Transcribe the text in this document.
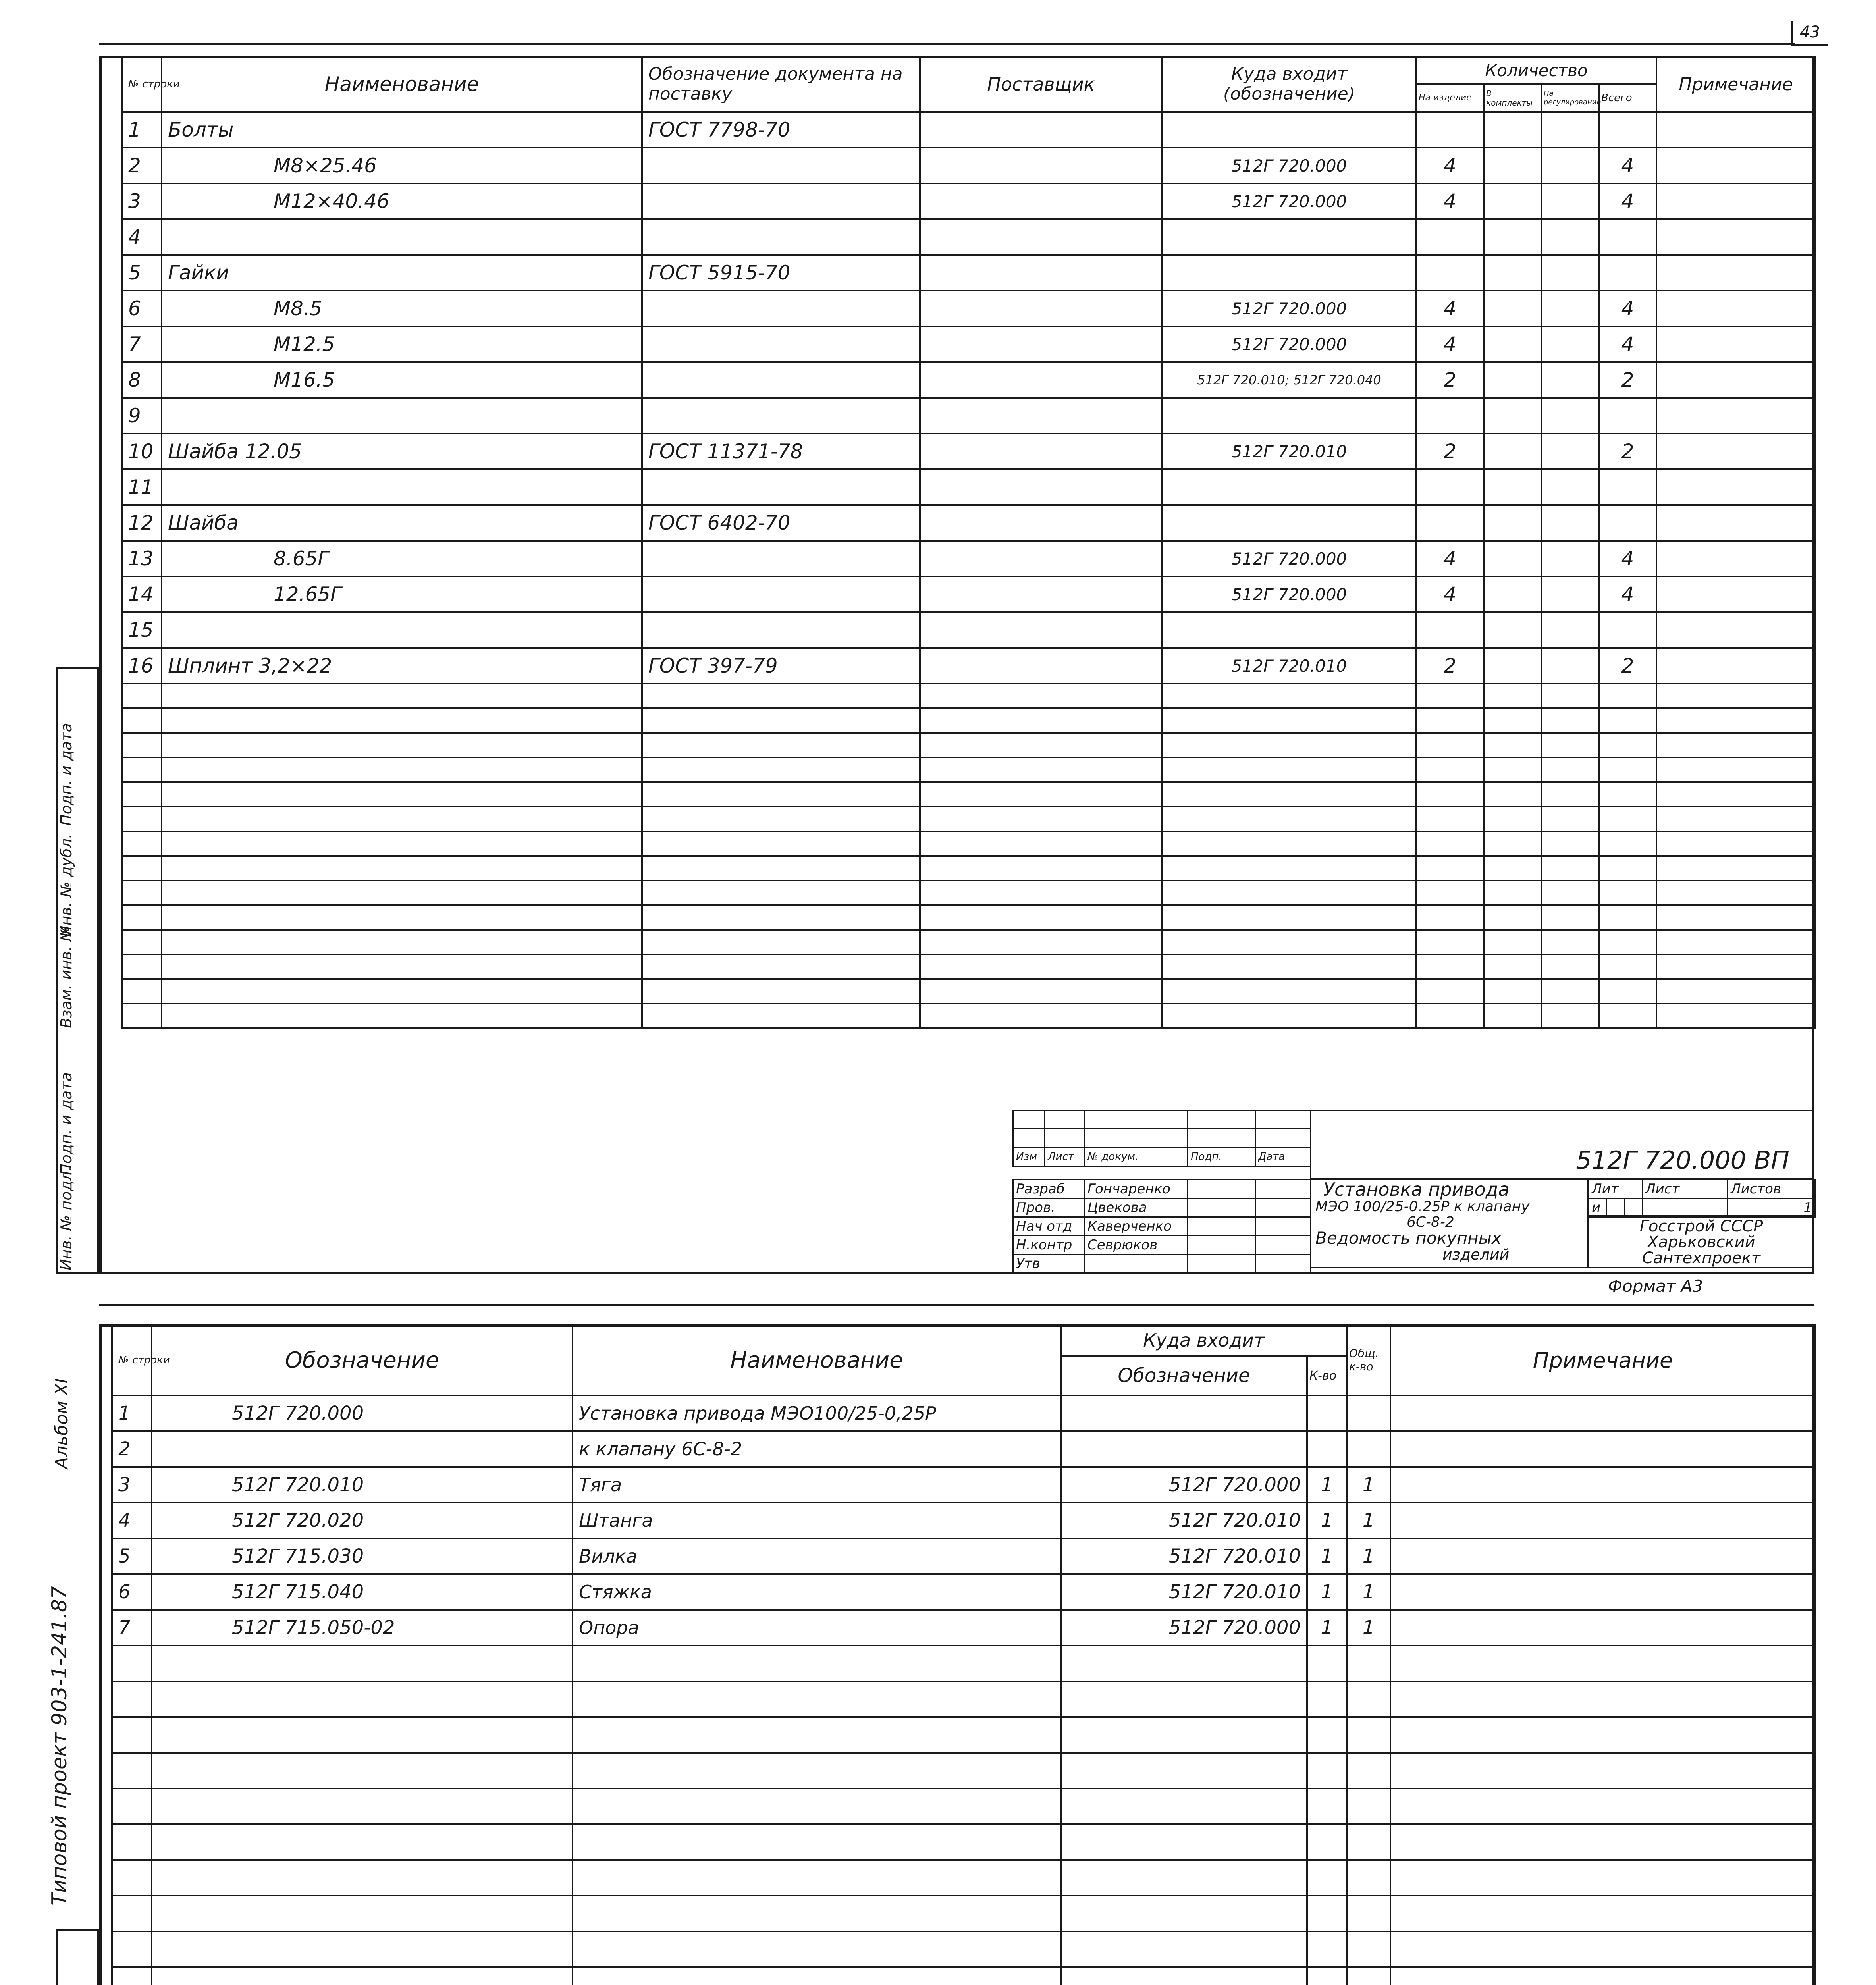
43
Инв. № подл.
Подп. и дата
Взам. инв. №
Инв. № дубл.
Подп. и дата
№ строки	Наименование	Обозначение документа на поставку	Поставщик	Куда входит (обозначение)	Количество				Примечание
					На изделие	В комплекты	На регулирование	Всего	
1	Болты	ГОСТ 7798-70							
2	M8×25.46			512Г 720.000	4			4	
3	M12×40.46			512Г 720.000	4			4	
4									
5	Гайки	ГОСТ 5915-70							
6	M8.5			512Г 720.000	4			4	
7	M12.5			512Г 720.000	4			4	
8	M16.5			512Г 720.010; 512Г 720.040	2			2	
9									
10	Шайба 12.05	ГОСТ 11371-78		512Г 720.010	2			2	
11									
12	Шайба	ГОСТ 6402-70							
13	8.65Г			512Г 720.000	4			4	
14	12.65Г			512Г 720.000	4			4	
15									
16	Шплинт 3,2×22	ГОСТ 397-79		512Г 720.010	2			2	

Изм	Лист	№ докум.	Подп.	Дата
Разраб	Гончаренко		
Пров.	Цвекова		
Нач отд	Каверченко		
Н.контр	Севрюков		
Утв			
512Г 720.000 ВП
Установка привода
МЭО 100/25-0.25Р к клапану
6С-8-2
Ведомость покупных
изделий
Лит			Лист	Листов
и				1
Госстрой СССР
Харьковский
Сантехпроект
Формат А3
Альбом XI
Типовой проект 903-1-241.87
№ строки	Обозначение	Наименование	Куда входит		Общ. к-во	Примечание
			Обозначение	К-во		
1	512Г 720.000	Установка привода МЭО100/25-0,25Р				
2		к клапану 6С-8-2				
3	512Г 720.010	Тяга	512Г 720.000	1	1	
4	512Г 720.020	Штанга	512Г 720.010	1	1	
5	512Г 715.030	Вилка	512Г 720.010	1	1	
6	512Г 715.040	Стяжка	512Г 720.010	1	1	
7	512Г 715.050-02	Опора	512Г 720.000	1	1	
